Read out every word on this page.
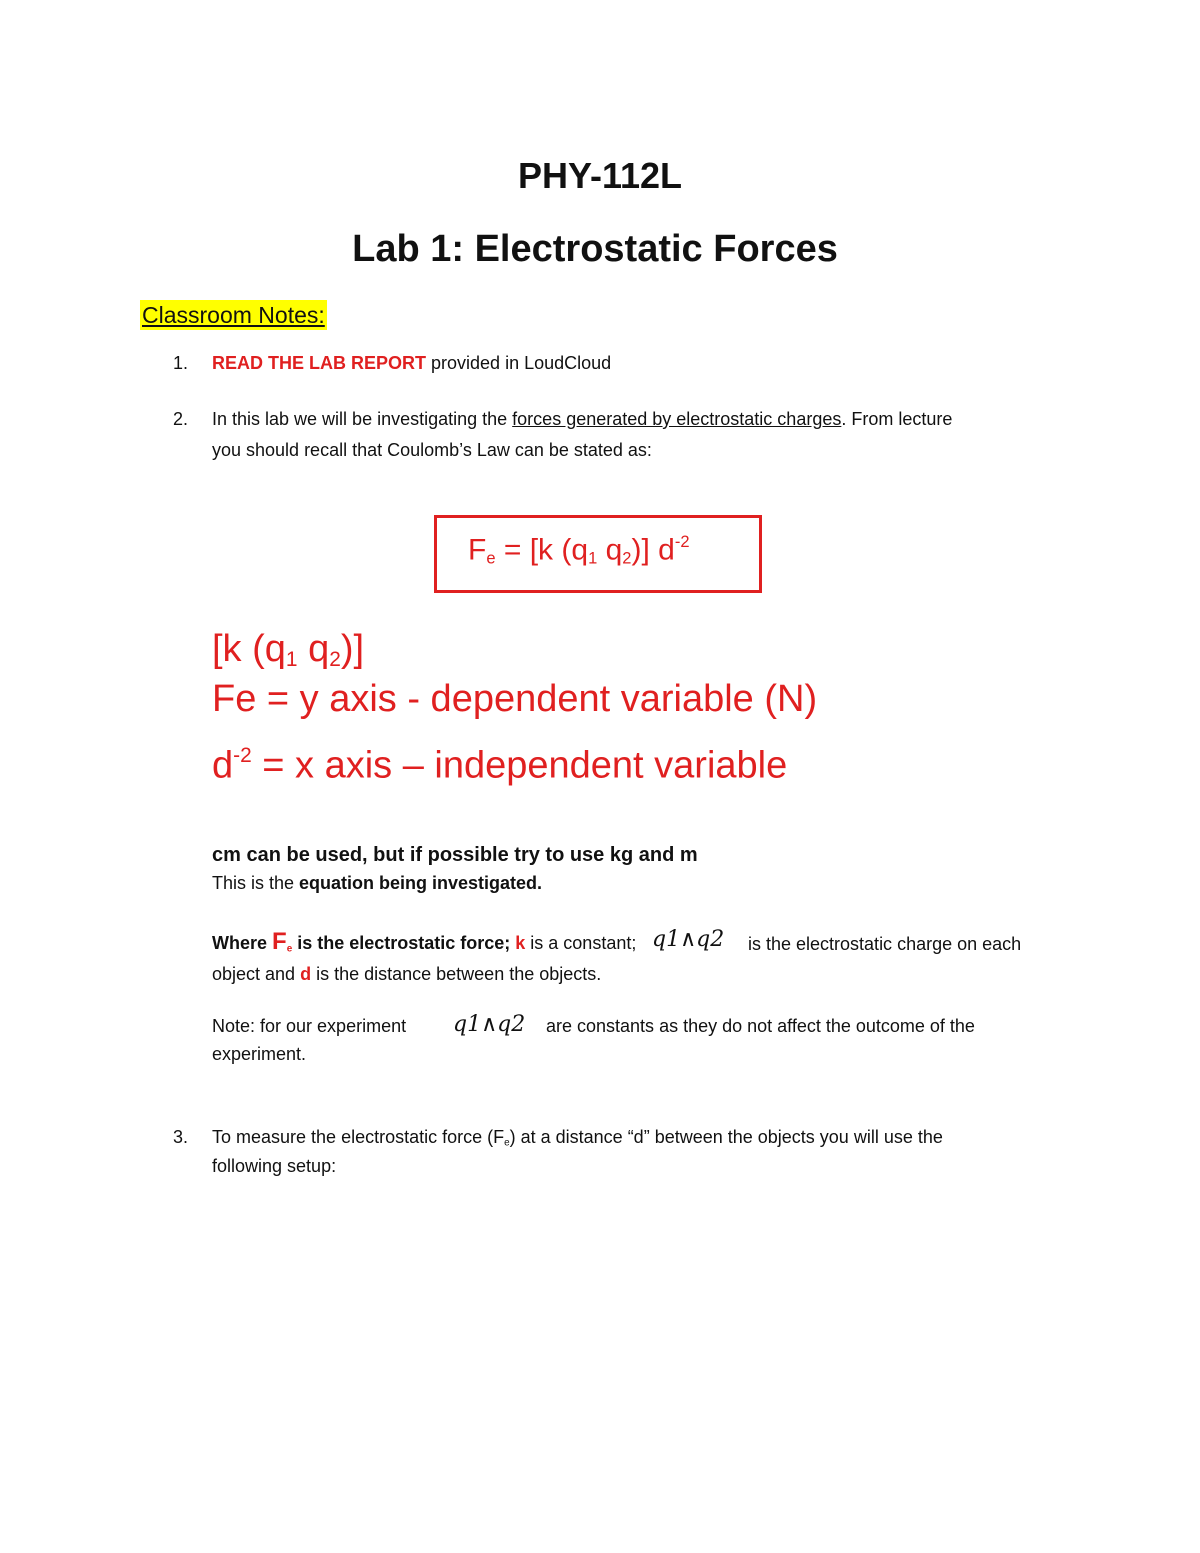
PHY-112L
Lab 1: Electrostatic Forces
Classroom Notes:
1. READ THE LAB REPORT provided in LoudCloud
2. In this lab we will be investigating the forces generated by electrostatic charges. From lecture
you should recall that Coulomb’s Law can be stated as:
$F_e = [k$ ($q_1$ $q_2$)] $d^{-2}$
[k ($q_1$ $q_2$)]
Fe = y axis - dependent variable (N)
$d^{-2} = x$ axis – independent variable
cm can be used, but if possible try to use kg and m
This is the equation being investigated.
Where $F_e$ is the electrostatic force; k is a constant; q1∧q2 is the electrostatic charge on each
object and d is the distance between the objects.
Note: for our experiment q1∧q2 are constants as they do not affect the outcome of the
experiment.
3. To measure the electrostatic force $(F_e)$ at a distance “d” between the objects you will use the
following setup:
